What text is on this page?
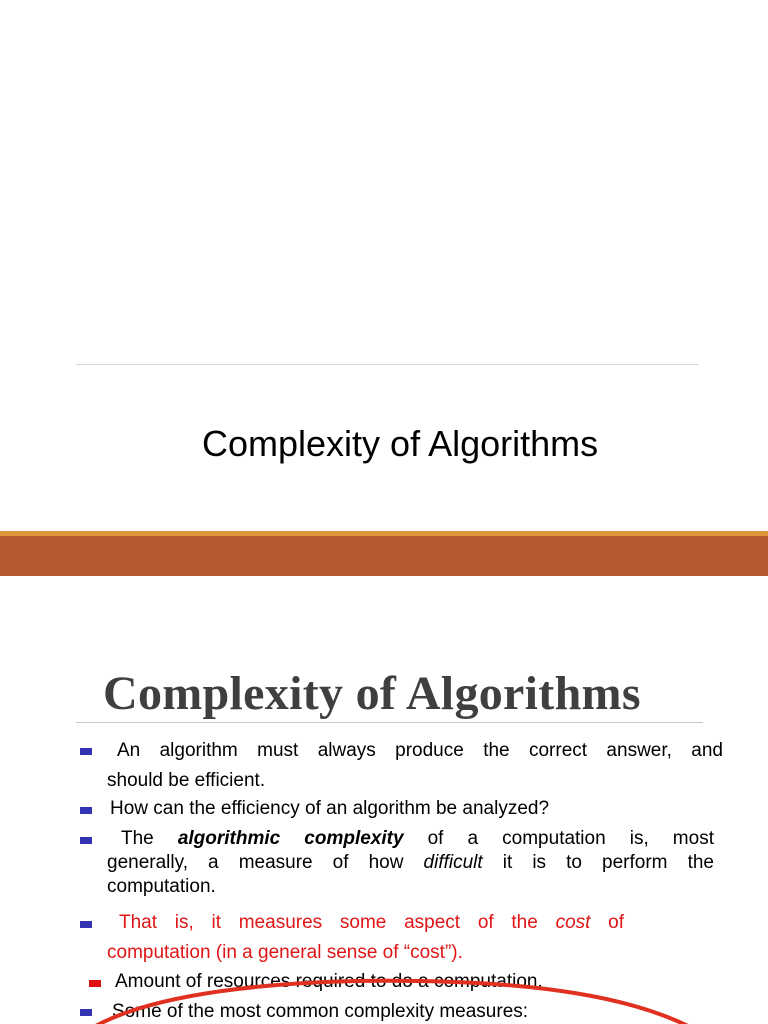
Complexity of Algorithms
Complexity of Algorithms

An algorithm must always produce the correct answer, and

should be efficient.

How can the efficiency of an algorithm be analyzed?

The algorithmic complexity of a computation is, most

generally, a measure of how difficult it is to perform the

computation.

That is, it measures some aspect of the cost of

computation (in a general sense of “cost”).

Amount of resources required to do a computation.

Some of the most common complexity measures:
